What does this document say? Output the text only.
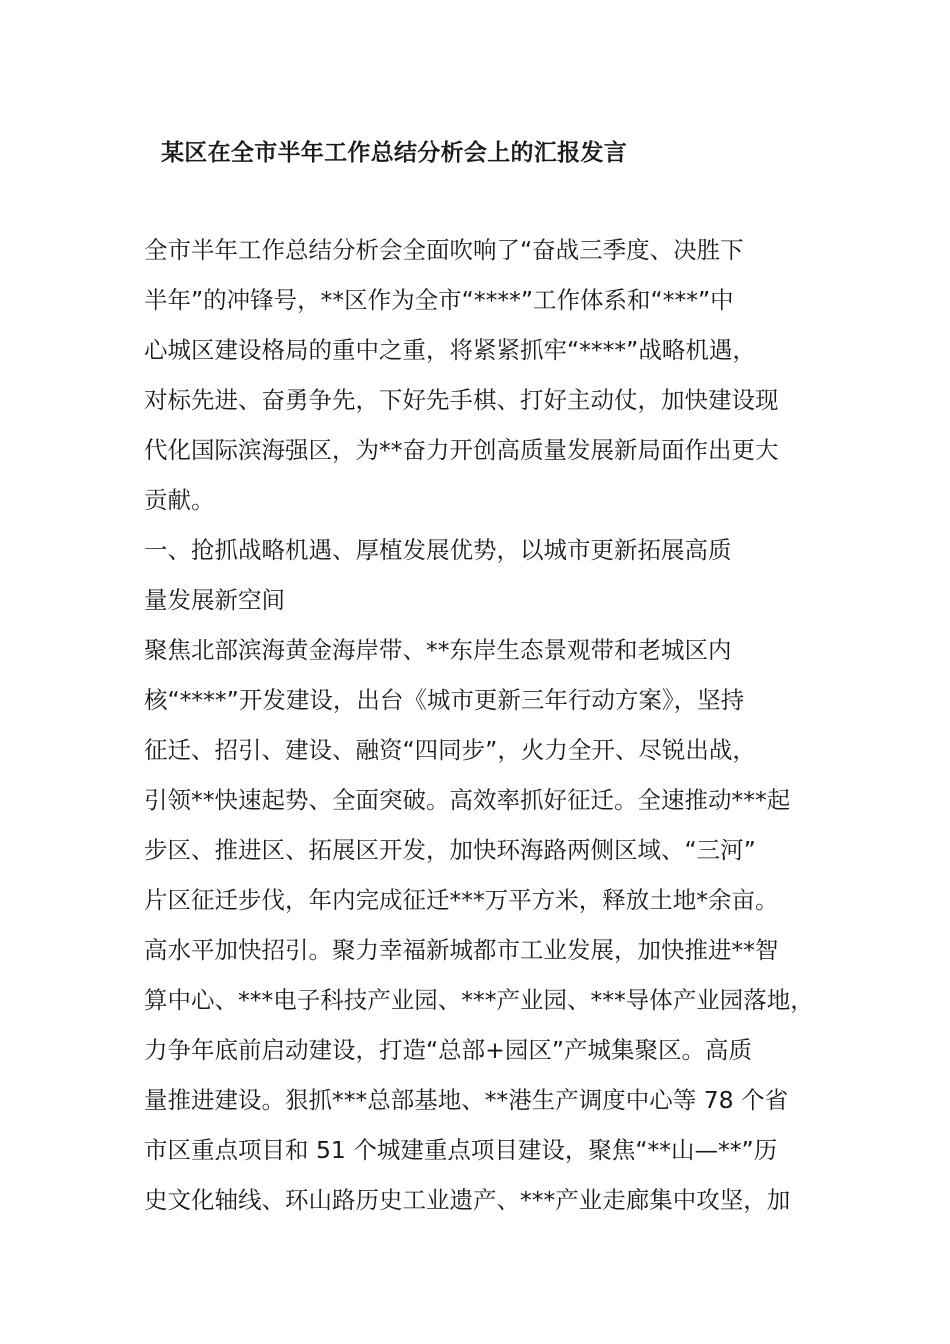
某区在全市半年工作总结分析会上的汇报发言
全市半年工作总结分析会全面吹响了“奋战三季度、决胜下
半年”的冲锋号，**区作为全市“****”工作体系和“***”中
心城区建设格局的重中之重，将紧紧抓牢“****”战略机遇，
对标先进、奋勇争先，下好先手棋、打好主动仗，加快建设现
代化国际滨海强区，为**奋力开创高质量发展新局面作出更大
贡献。
一、抢抓战略机遇、厚植发展优势，以城市更新拓展高质
量发展新空间
聚焦北部滨海黄金海岸带、**东岸生态景观带和老城区内
核“****”开发建设，出台《城市更新三年行动方案》，坚持
征迁、招引、建设、融资“四同步”，火力全开、尽锐出战，
引领**快速起势、全面突破。高效率抓好征迁。全速推动***起
步区、推进区、拓展区开发，加快环海路两侧区域、“三河”
片区征迁步伐，年内完成征迁***万平方米，释放土地*余亩。
高水平加快招引。聚力幸福新城都市工业发展，加快推进**智
算中心、***电子科技产业园、***产业园、***导体产业园落地，
力争年底前启动建设，打造“总部+园区”产城集聚区。高质
量推进建设。狠抓***总部基地、**港生产调度中心等 78 个省
市区重点项目和 51 个城建重点项目建设，聚焦“**山—**”历
史文化轴线、环山路历史工业遗产、***产业走廊集中攻坚，加
